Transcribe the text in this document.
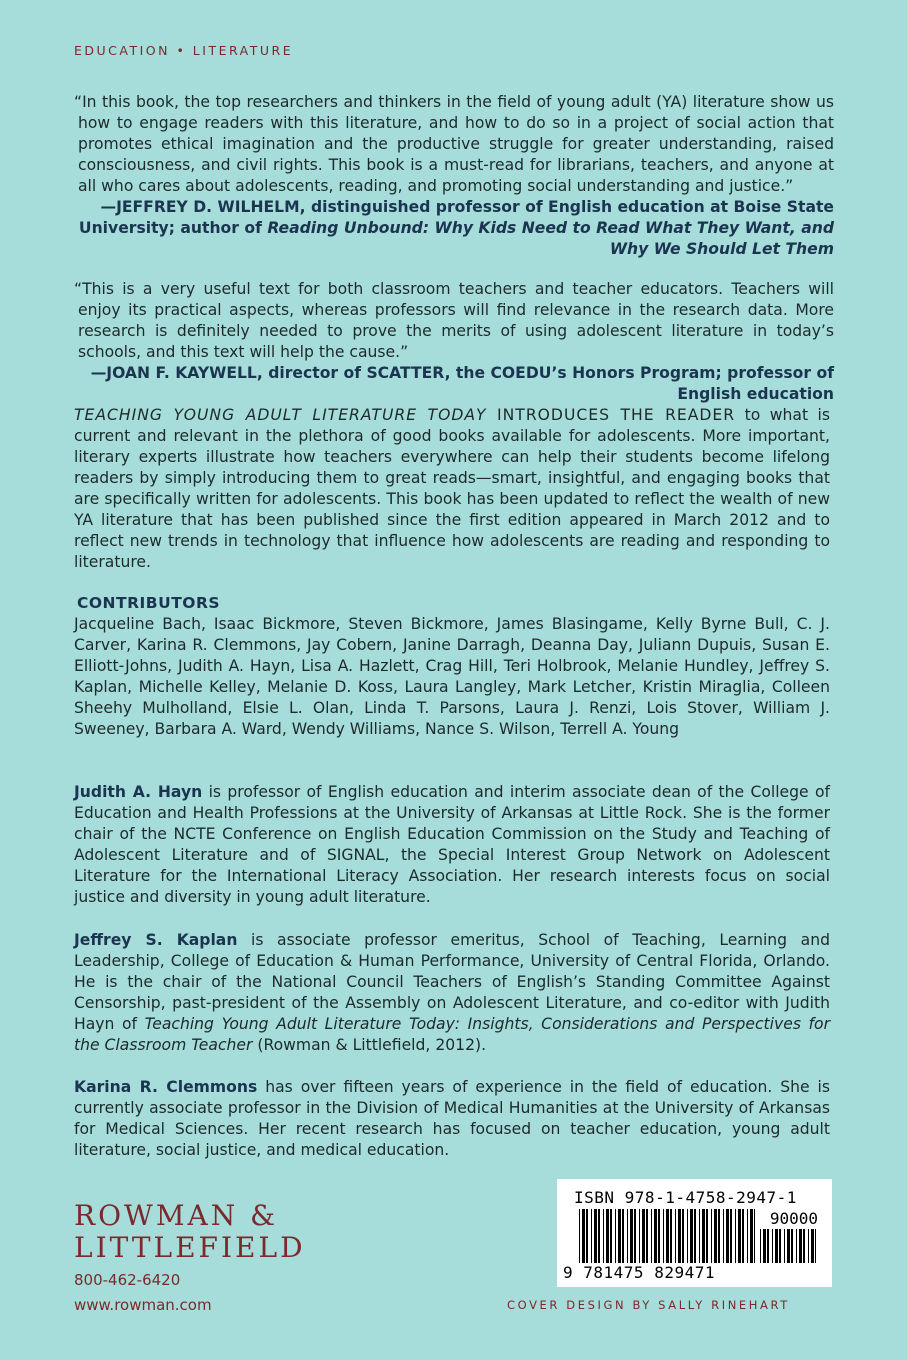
EDUCATION • LITERATURE
“In this book, the top researchers and thinkers in the field of young adult (YA) literature show us how to engage readers with this literature, and how to do so in a project of social action that promotes ethical imagination and the productive struggle for greater understanding, raised consciousness, and civil rights. This book is a must-read for librarians, teachers, and anyone at all who cares about adolescents, reading, and promoting social understanding and justice.”
—JEFFREY D. WILHELM, distinguished professor of English education at Boise State University; author of Reading Unbound: Why Kids Need to Read What They Want, and Why We Should Let Them
“This is a very useful text for both classroom teachers and teacher educators. Teachers will enjoy its practical aspects, whereas professors will find relevance in the research data. More research is definitely needed to prove the merits of using adolescent literature in today’s schools, and this text will help the cause.”
—JOAN F. KAYWELL, director of SCATTER, the COEDU’s Honors Program; professor of English education
TEACHING YOUNG ADULT LITERATURE TODAY INTRODUCES THE READER to what is current and relevant in the plethora of good books available for adolescents. More important, literary experts illustrate how teachers everywhere can help their students become lifelong readers by simply introducing them to great reads—smart, insightful, and engaging books that are specifically written for adolescents. This book has been updated to reflect the wealth of new YA literature that has been published since the first edition appeared in March 2012 and to reflect new trends in technology that influence how adolescents are reading and responding to literature.
CONTRIBUTORS
Jacqueline Bach, Isaac Bickmore, Steven Bickmore, James Blasingame, Kelly Byrne Bull, C. J. Carver, Karina R. Clemmons, Jay Cobern, Janine Darragh, Deanna Day, Juliann Dupuis, Susan E. Elliott-Johns, Judith A. Hayn, Lisa A. Hazlett, Crag Hill, Teri Holbrook, Melanie Hundley, Jeffrey S. Kaplan, Michelle Kelley, Melanie D. Koss, Laura Langley, Mark Letcher, Kristin Miraglia, Colleen Sheehy Mulholland, Elsie L. Olan, Linda T. Parsons, Laura J. Renzi, Lois Stover, William J. Sweeney, Barbara A. Ward, Wendy Williams, Nance S. Wilson, Terrell A. Young
Judith A. Hayn is professor of English education and interim associate dean of the College of Education and Health Professions at the University of Arkansas at Little Rock. She is the former chair of the NCTE Conference on English Education Commission on the Study and Teaching of Adolescent Literature and of SIGNAL, the Special Interest Group Network on Adolescent Literature for the International Literacy Association. Her research interests focus on social justice and diversity in young adult literature.
Jeffrey S. Kaplan is associate professor emeritus, School of Teaching, Learning and Leadership, College of Education & Human Performance, University of Central Florida, Orlando. He is the chair of the National Council Teachers of English’s Standing Committee Against Censorship, past-president of the Assembly on Adolescent Literature, and co-editor with Judith Hayn of Teaching Young Adult Literature Today: Insights, Considerations and Perspectives for the Classroom Teacher (Rowman & Littlefield, 2012).
Karina R. Clemmons has over fifteen years of experience in the field of education. She is currently associate professor in the Division of Medical Humanities at the University of Arkansas for Medical Sciences. Her recent research has focused on teacher education, young adult literature, social justice, and medical education.
ROWMAN &
LITTLEFIELD
800-462-6420
www.rowman.com
ISBN 978-1-4758-2947-1
90000
9 781475 829471
COVER DESIGN BY SALLY RINEHART
